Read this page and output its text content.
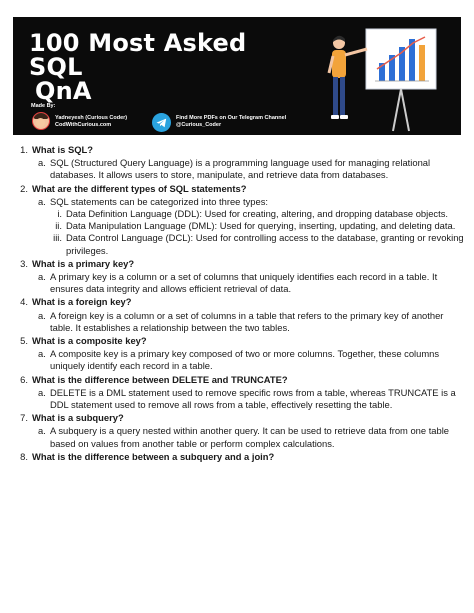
100 Most Asked SQL
QnA
Made By:
Yadneyesh (Curious Coder)
CodWithCurious.com
Find More PDFs on Our Telegram Channel
@Curious_Coder
1. What is SQL?
a. SQL (Structured Query Language) is a programming language used for managing relational databases. It allows users to store, manipulate, and retrieve data from databases.
2. What are the different types of SQL statements?
a. SQL statements can be categorized into three types:
i. Data Definition Language (DDL): Used for creating, altering, and dropping database objects.
ii. Data Manipulation Language (DML): Used for querying, inserting, updating, and deleting data.
iii. Data Control Language (DCL): Used for controlling access to the database, granting or revoking privileges.
3. What is a primary key?
a. A primary key is a column or a set of columns that uniquely identifies each record in a table. It ensures data integrity and allows efficient retrieval of data.
4. What is a foreign key?
a. A foreign key is a column or a set of columns in a table that refers to the primary key of another table. It establishes a relationship between the two tables.
5. What is a composite key?
a. A composite key is a primary key composed of two or more columns. Together, these columns uniquely identify each record in a table.
6. What is the difference between DELETE and TRUNCATE?
a. DELETE is a DML statement used to remove specific rows from a table, whereas TRUNCATE is a DDL statement used to remove all rows from a table, effectively resetting the table.
7. What is a subquery?
a. A subquery is a query nested within another query. It can be used to retrieve data from one table based on values from another table or perform complex calculations.
8. What is the difference between a subquery and a join?
